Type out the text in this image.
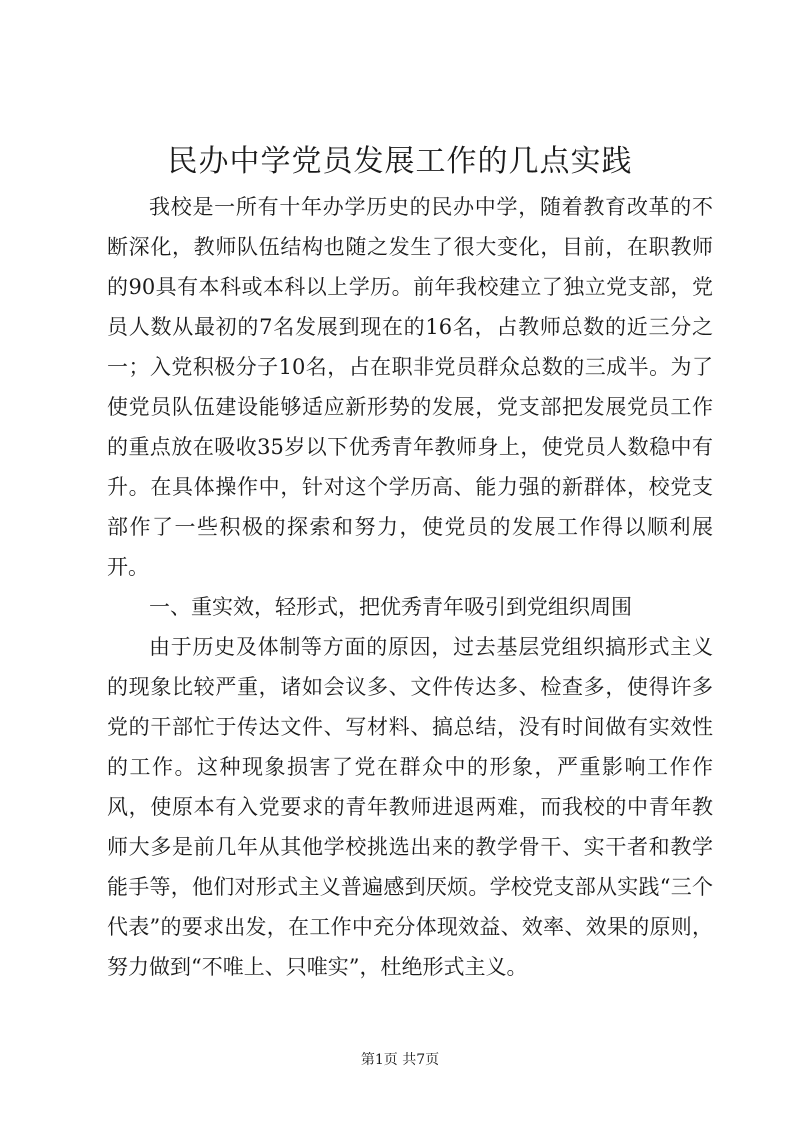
民办中学党员发展工作的几点实践

我校是一所有十年办学历史的民办中学，随着教育改革的不断深化，教师队伍结构也随之发生了很大变化，目前，在职教师的90具有本科或本科以上学历。前年我校建立了独立党支部，党员人数从最初的7名发展到现在的16名，占教师总数的近三分之一；入党积极分子10名，占在职非党员群众总数的三成半。为了使党员队伍建设能够适应新形势的发展，党支部把发展党员工作的重点放在吸收35岁以下优秀青年教师身上，使党员人数稳中有升。在具体操作中，针对这个学历高、能力强的新群体，校党支部作了一些积极的探索和努力，使党员的发展工作得以顺利展开。

一、重实效，轻形式，把优秀青年吸引到党组织周围

由于历史及体制等方面的原因，过去基层党组织搞形式主义的现象比较严重，诸如会议多、文件传达多、检查多，使得许多党的干部忙于传达文件、写材料、搞总结，没有时间做有实效性的工作。这种现象损害了党在群众中的形象，严重影响工作作风，使原本有入党要求的青年教师进退两难，而我校的中青年教师大多是前几年从其他学校挑选出来的教学骨干、实干者和教学能手等，他们对形式主义普遍感到厌烦。学校党支部从实践“三个代表”的要求出发，在工作中充分体现效益、效率、效果的原则，努力做到“不唯上、只唯实”，杜绝形式主义。

第1页 共7页
